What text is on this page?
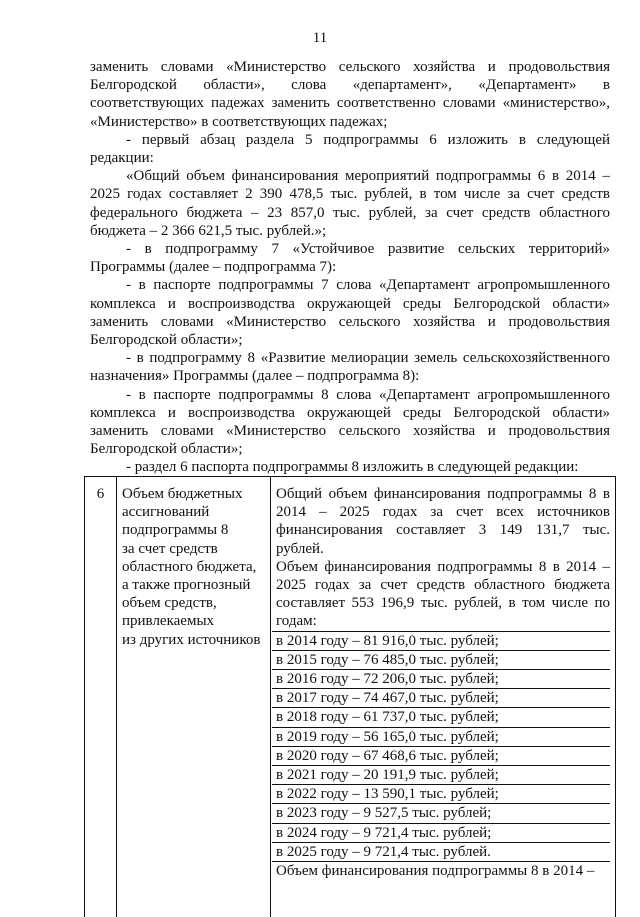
11

заменить словами «Министерство сельского хозяйства и продовольствия Белгородской области», слова «департамент», «Департамент» в соответствующих падежах заменить соответственно словами «министерство», «Министерство» в соответствующих падежах;

- первый абзац раздела 5 подпрограммы 6 изложить в следующей редакции:

«Общий объем финансирования мероприятий подпрограммы 6 в 2014 – 2025 годах составляет 2 390 478,5 тыс. рублей, в том числе за счет средств федерального бюджета – 23 857,0 тыс. рублей, за счет средств областного бюджета – 2 366 621,5 тыс. рублей.»;

- в подпрограмму 7 «Устойчивое развитие сельских территорий» Программы (далее – подпрограмма 7):

- в паспорте подпрограммы 7 слова «Департамент агропромышленного комплекса и воспроизводства окружающей среды Белгородской области» заменить словами «Министерство сельского хозяйства и продовольствия Белгородской области»;

- в подпрограмму 8 «Развитие мелиорации земель сельскохозяйственного назначения» Программы (далее – подпрограмма 8):

- в паспорте подпрограммы 8 слова «Департамент агропромышленного комплекса и воспроизводства окружающей среды Белгородской области» заменить словами «Министерство сельского хозяйства и продовольствия Белгородской области»;

- раздел 6 паспорта подпрограммы 8 изложить в следующей редакции:

6	Объем бюджетных
ассигнований
подпрограммы 8
за счет средств
областного бюджета,
а также прогнозный
объем средств,
привлекаемых
из других источников
Общий объем финансирования подпрограммы 8 в 2014 – 2025 годах за счет всех источников финансирования составляет 3 149 131,7 тыс. рублей.
Объем финансирования подпрограммы 8 в 2014 – 2025 годах за счет средств областного бюджета составляет 553 196,9 тыс. рублей, в том числе по годам:
в 2014 году – 81 916,0 тыс. рублей;
в 2015 году – 76 485,0 тыс. рублей;
в 2016 году – 72 206,0 тыс. рублей;
в 2017 году – 74 467,0 тыс. рублей;
в 2018 году – 61 737,0 тыс. рублей;
в 2019 году – 56 165,0 тыс. рублей;
в 2020 году – 67 468,6 тыс. рублей;
в 2021 году – 20 191,9 тыс. рублей;
в 2022 году – 13 590,1 тыс. рублей;
в 2023 году – 9 527,5 тыс. рублей;
в 2024 году – 9 721,4 тыс. рублей;
в 2025 году – 9 721,4 тыс. рублей.
Объем финансирования подпрограммы 8 в 2014 –
